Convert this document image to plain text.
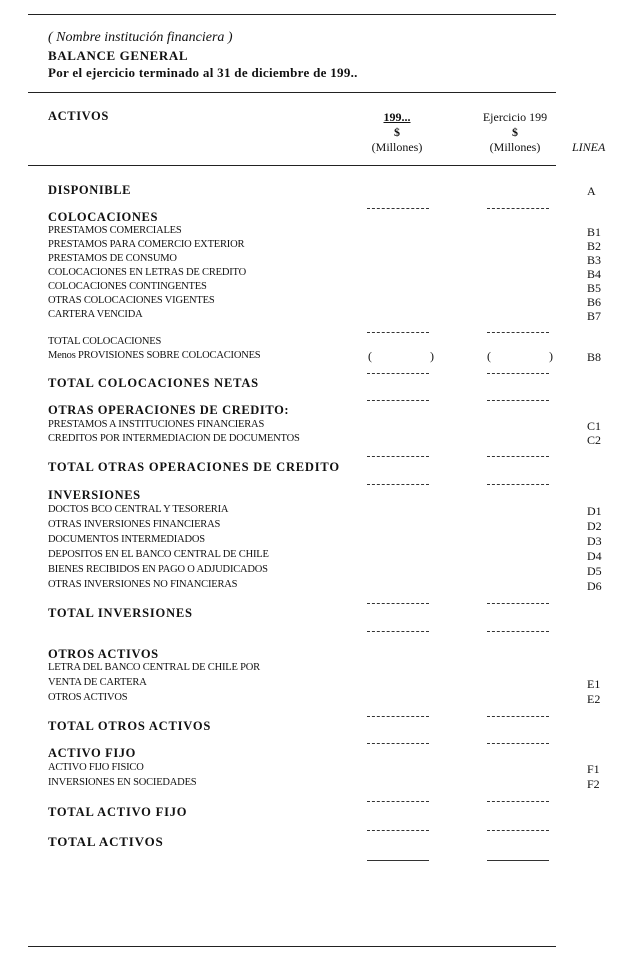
( Nombre institución financiera )
BALANCE GENERAL
Por el ejercicio terminado al 31 de diciembre de 199..
ACTIVOS	199...
$
(Millones)
Ejercicio 199
$
(Millones)	LINEA
DISPONIBLE	A
COLOCACIONES
PRESTAMOS COMERCIALES	B1
PRESTAMOS PARA COMERCIO EXTERIOR	B2
PRESTAMOS DE CONSUMO	B3
COLOCACIONES EN LETRAS DE CREDITO	B4
COLOCACIONES CONTINGENTES	B5
OTRAS COLOCACIONES VIGENTES	B6
CARTERA VENCIDA	B7
TOTAL COLOCACIONES
Menos PROVISIONES SOBRE COLOCACIONES	(	)	(	)	B8
TOTAL COLOCACIONES NETAS
OTRAS OPERACIONES DE CREDITO:
PRESTAMOS A INSTITUCIONES FINANCIERAS	C1
CREDITOS POR INTERMEDIACION DE DOCUMENTOS	C2
TOTAL OTRAS OPERACIONES DE CREDITO
INVERSIONES
DOCTOS BCO CENTRAL Y TESORERIA	D1
OTRAS INVERSIONES FINANCIERAS	D2
DOCUMENTOS INTERMEDIADOS	D3
DEPOSITOS EN EL BANCO CENTRAL DE CHILE	D4
BIENES RECIBIDOS EN PAGO O ADJUDICADOS	D5
OTRAS INVERSIONES NO FINANCIERAS	D6
TOTAL INVERSIONES
OTROS ACTIVOS
LETRA DEL BANCO CENTRAL DE CHILE POR
VENTA DE CARTERA	E1
OTROS ACTIVOS	E2
TOTAL OTROS ACTIVOS
ACTIVO FIJO
ACTIVO FIJO FISICO	F1
INVERSIONES EN SOCIEDADES	F2
TOTAL ACTIVO FIJO
TOTAL ACTIVOS
